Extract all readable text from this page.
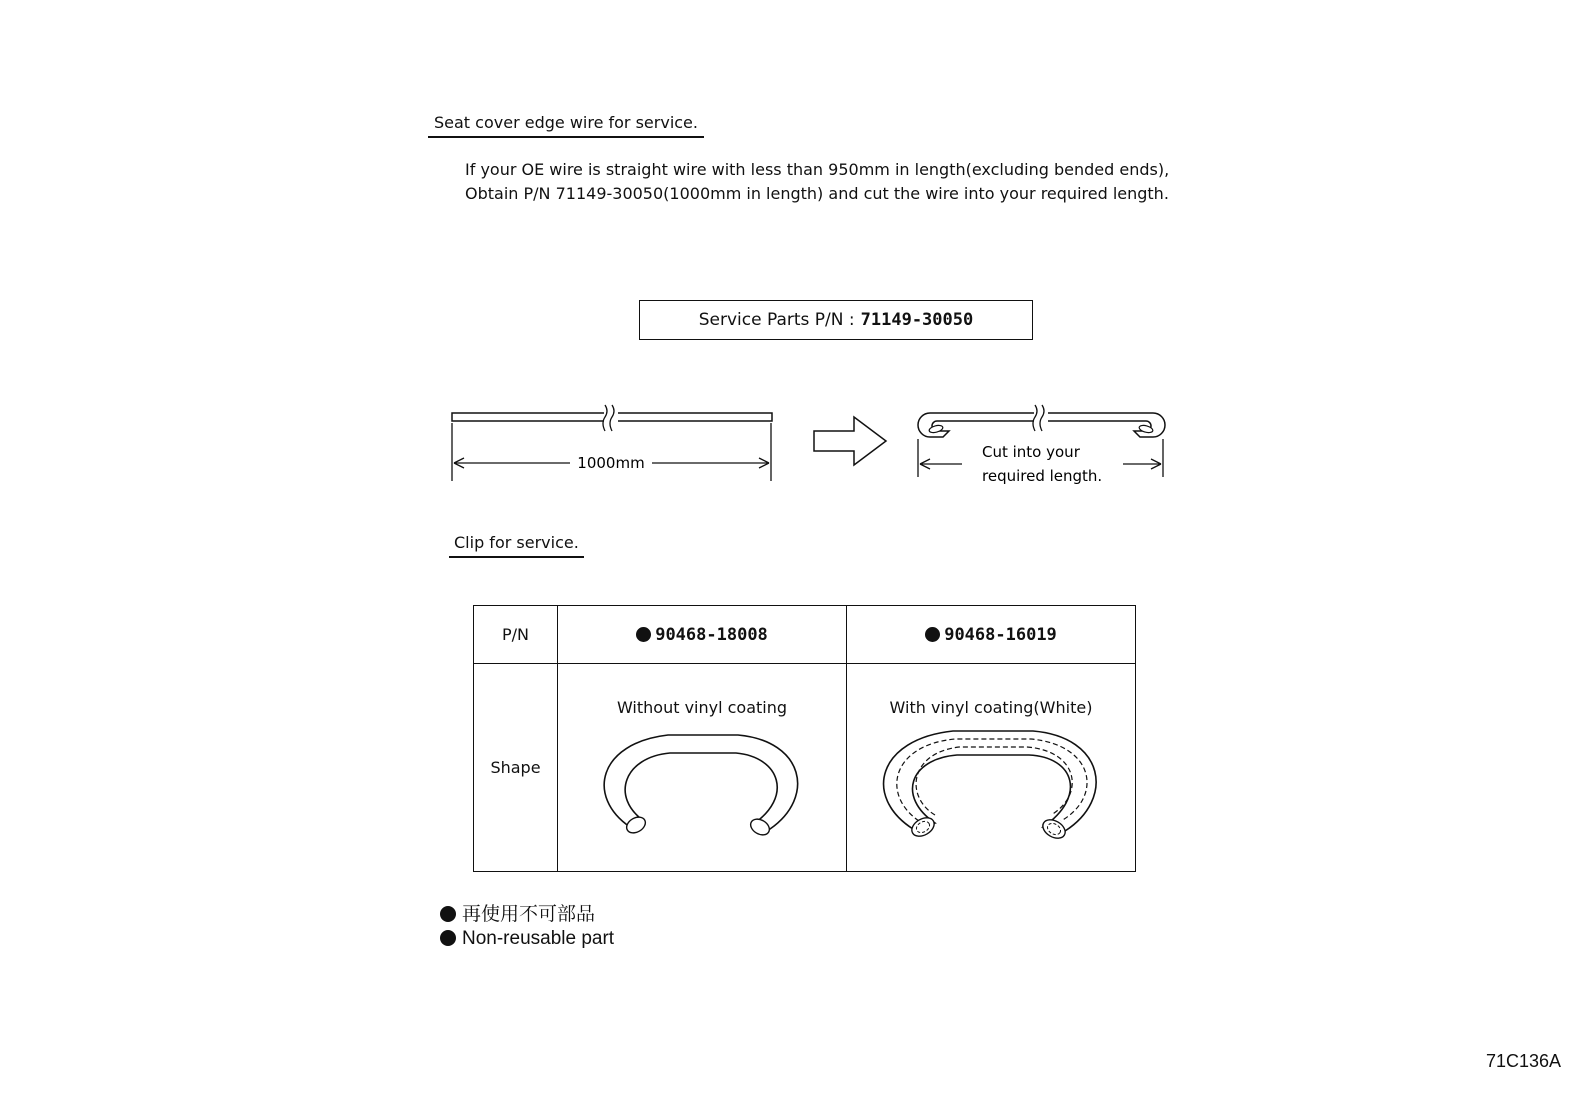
Seat cover edge wire for service.
If your OE wire is straight wire with less than 950mm in length(excluding bended ends),
Obtain P/N 71149-30050(1000mm in length) and cut the wire into your required length.
Service Parts P/N : 71149-30050
1000mm
Cut into your
required length.
Clip for service.
P/N	90468-18008	90468-16019
Shape	Without vinyl coating	With vinyl coating(White)
再使用不可部品
Non-reusable part
71C136A
